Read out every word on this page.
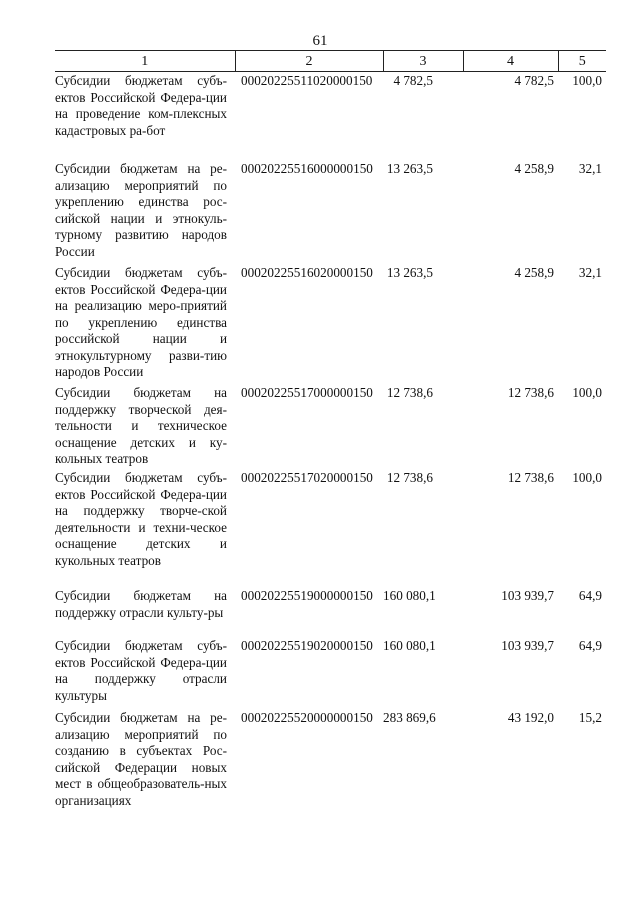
61
1	2	3	4	5
Субсидии бюджетам субъ-ектов Российской Федера-ции на проведение ком-плексных кадастровых ра-бот	00020225511020000150	4 782,5	4 782,5	100,0
Субсидии бюджетам на ре-ализацию мероприятий по укреплению единства рос-сийской нации и этнокуль-турному развитию народов России	00020225516000000150	13 263,5	4 258,9	32,1
Субсидии бюджетам субъ-ектов Российской Федера-ции на реализацию меро-приятий по укреплению единства российской нации и этнокультурному разви-тию народов России	00020225516020000150	13 263,5	4 258,9	32,1
Субсидии бюджетам на поддержку творческой дея-тельности и техническое оснащение детских и ку-кольных театров	00020225517000000150	12 738,6	12 738,6	100,0
Субсидии бюджетам субъ-ектов Российской Федера-ции на поддержку творче-ской деятельности и техни-ческое оснащение детских и кукольных театров	00020225517020000150	12 738,6	12 738,6	100,0
Субсидии бюджетам на поддержку отрасли культу-ры	00020225519000000150	160 080,1	103 939,7	64,9
Субсидии бюджетам субъ-ектов Российской Федера-ции на поддержку отрасли культуры	00020225519020000150	160 080,1	103 939,7	64,9
Субсидии бюджетам на ре-ализацию мероприятий по созданию в субъектах Рос-сийской Федерации новых мест в общеобразователь-ных организациях	00020225520000000150	283 869,6	43 192,0	15,2
